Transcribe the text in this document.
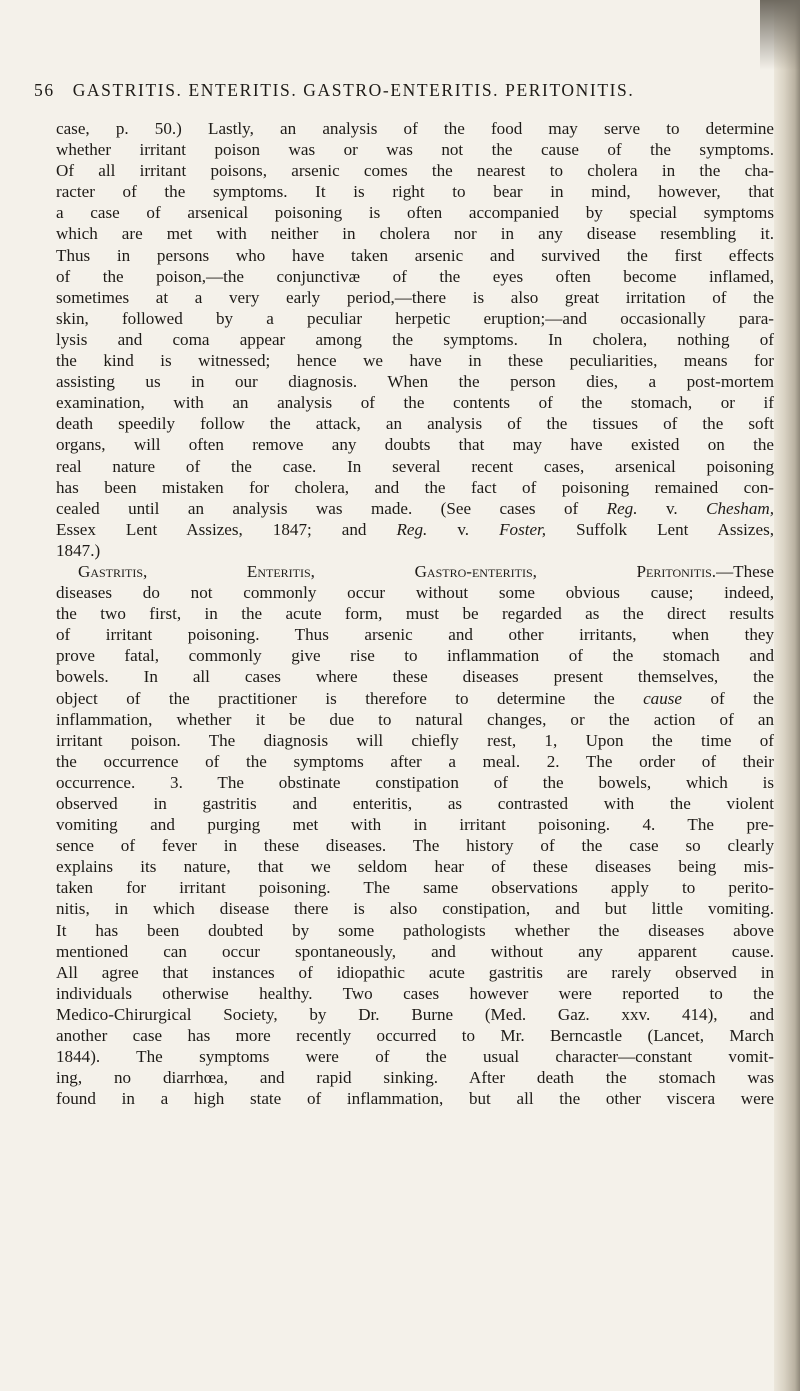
56 GASTRITIS. ENTERITIS. GASTRO-ENTERITIS. PERITONITIS.
case, p. 50.) Lastly, an analysis of the food may serve to determine
whether irritant poison was or was not the cause of the symptoms.
Of all irritant poisons, arsenic comes the nearest to cholera in the cha-
racter of the symptoms. It is right to bear in mind, however, that
a case of arsenical poisoning is often accompanied by special symptoms
which are met with neither in cholera nor in any disease resembling it.
Thus in persons who have taken arsenic and survived the first effects
of the poison,—the conjunctivæ of the eyes often become inflamed,
sometimes at a very early period,—there is also great irritation of the
skin, followed by a peculiar herpetic eruption;—and occasionally para-
lysis and coma appear among the symptoms. In cholera, nothing of
the kind is witnessed; hence we have in these peculiarities, means for
assisting us in our diagnosis. When the person dies, a post-mortem
examination, with an analysis of the contents of the stomach, or if
death speedily follow the attack, an analysis of the tissues of the soft
organs, will often remove any doubts that may have existed on the
real nature of the case. In several recent cases, arsenical poisoning
has been mistaken for cholera, and the fact of poisoning remained con-
cealed until an analysis was made. (See cases of Reg. v. Chesham,
Essex Lent Assizes, 1847; and Reg. v. Foster, Suffolk Lent Assizes,
1847.)
Gastritis, Enteritis, Gastro-enteritis, Peritonitis.—These
diseases do not commonly occur without some obvious cause; indeed,
the two first, in the acute form, must be regarded as the direct results
of irritant poisoning. Thus arsenic and other irritants, when they
prove fatal, commonly give rise to inflammation of the stomach and
bowels. In all cases where these diseases present themselves, the
object of the practitioner is therefore to determine the cause of the
inflammation, whether it be due to natural changes, or the action of an
irritant poison. The diagnosis will chiefly rest, 1, Upon the time of
the occurrence of the symptoms after a meal. 2. The order of their
occurrence. 3. The obstinate constipation of the bowels, which is
observed in gastritis and enteritis, as contrasted with the violent
vomiting and purging met with in irritant poisoning. 4. The pre-
sence of fever in these diseases. The history of the case so clearly
explains its nature, that we seldom hear of these diseases being mis-
taken for irritant poisoning. The same observations apply to perito-
nitis, in which disease there is also constipation, and but little vomiting.
It has been doubted by some pathologists whether the diseases above
mentioned can occur spontaneously, and without any apparent cause.
All agree that instances of idiopathic acute gastritis are rarely observed in
individuals otherwise healthy. Two cases however were reported to the
Medico-Chirurgical Society, by Dr. Burne (Med. Gaz. xxv. 414), and
another case has more recently occurred to Mr. Berncastle (Lancet, March
1844). The symptoms were of the usual character—constant vomit-
ing, no diarrhœa, and rapid sinking. After death the stomach was
found in a high state of inflammation, but all the other viscera were
